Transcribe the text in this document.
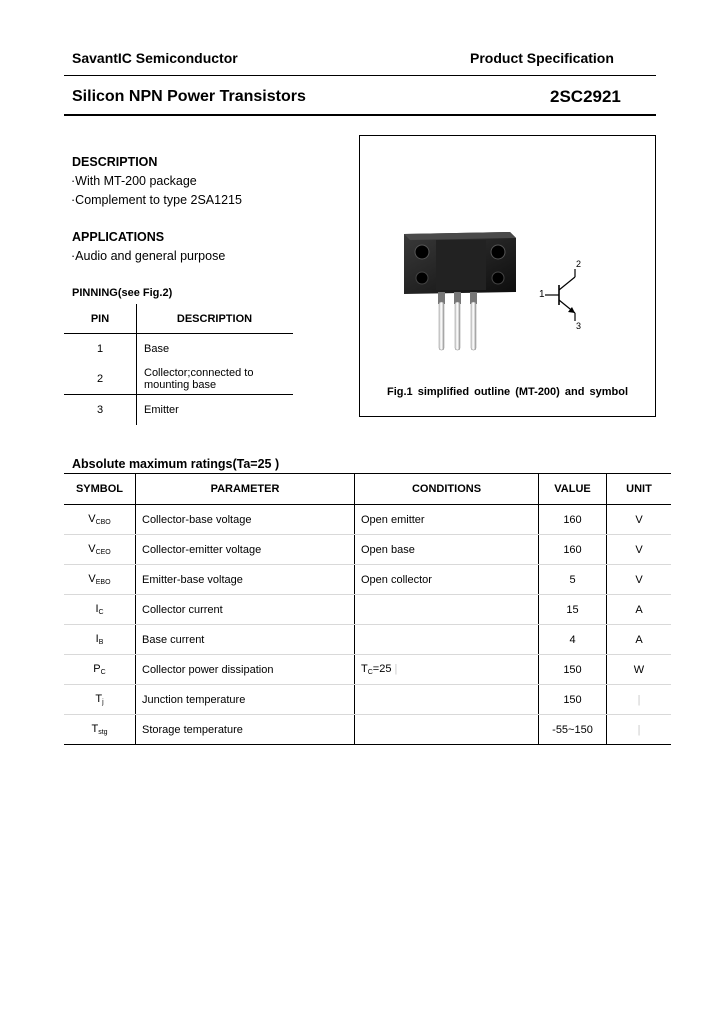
SavantIC Semiconductor	Product Specification
Silicon NPN Power Transistors	2SC2921
DESCRIPTION
·With MT-200 package
·Complement to type 2SA1215
APPLICATIONS
·Audio and general purpose
PINNING(see Fig.2)
PIN	DESCRIPTION
1	Base
2	Collector;connected to
mounting base
3	Emitter
1
2
3
Fig.1 simplified outline (MT-200) and symbol
Absolute maximum ratings(Ta=25 )
SYMBOL	PARAMETER	CONDITIONS	VALUE	UNIT
$V_{CBO}$	Collector-base voltage	Open emitter	160	V
$V_{CEO}$	Collector-emitter voltage	Open base	160	V
$V_{EBO}$	Emitter-base voltage	Open collector	5	V
$I_C$	Collector current		15	A
$I_B$	Base current		4	A
$P_C$	Collector power dissipation	$T_C=25$ |	150	W
$T_j$	Junction temperature		150	|
$T_{stg}$	Storage temperature		-55~150	|
